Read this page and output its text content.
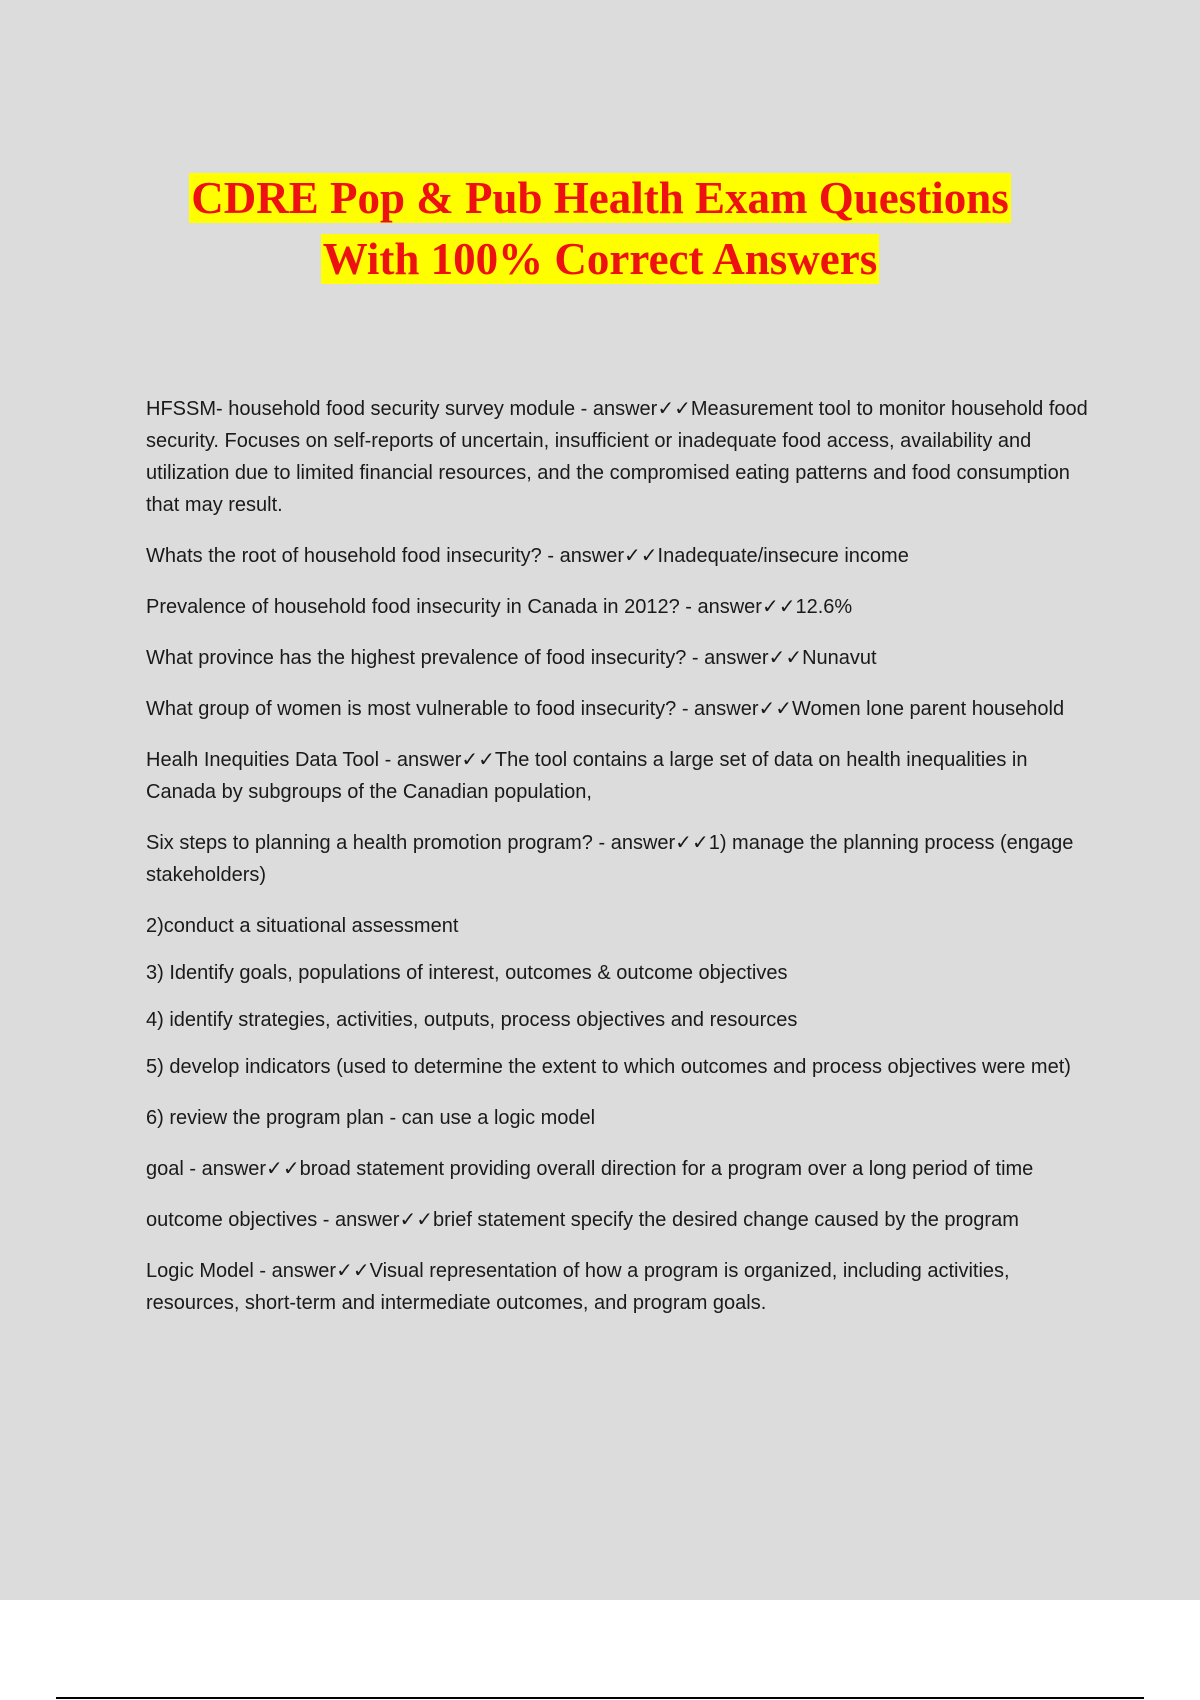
CDRE Pop & Pub Health Exam Questions
With 100% Correct Answers

HFSSM- household food security survey module - answer✓✓Measurement tool to monitor household food security. Focuses on self-reports of uncertain, insufficient or inadequate food access, availability and utilization due to limited financial resources, and the compromised eating patterns and food consumption that may result.

Whats the root of household food insecurity? - answer✓✓Inadequate/insecure income

Prevalence of household food insecurity in Canada in 2012? - answer✓✓12.6%

What province has the highest prevalence of food insecurity? - answer✓✓Nunavut

What group of women is most vulnerable to food insecurity? - answer✓✓Women lone parent household

Healh Inequities Data Tool - answer✓✓The tool contains a large set of data on health inequalities in Canada by subgroups of the Canadian population,

Six steps to planning a health promotion program? - answer✓✓1) manage the planning process (engage stakeholders)

2)conduct a situational assessment

3) Identify goals, populations of interest, outcomes & outcome objectives

4) identify strategies, activities, outputs, process objectives and resources

5) develop indicators (used to determine the extent to which outcomes and process objectives were met)

6) review the program plan - can use a logic model

goal - answer✓✓broad statement providing overall direction for a program over a long period of time

outcome objectives - answer✓✓brief statement specify the desired change caused by the program

Logic Model - answer✓✓Visual representation of how a program is organized, including activities, resources, short-term and intermediate outcomes, and program goals.
